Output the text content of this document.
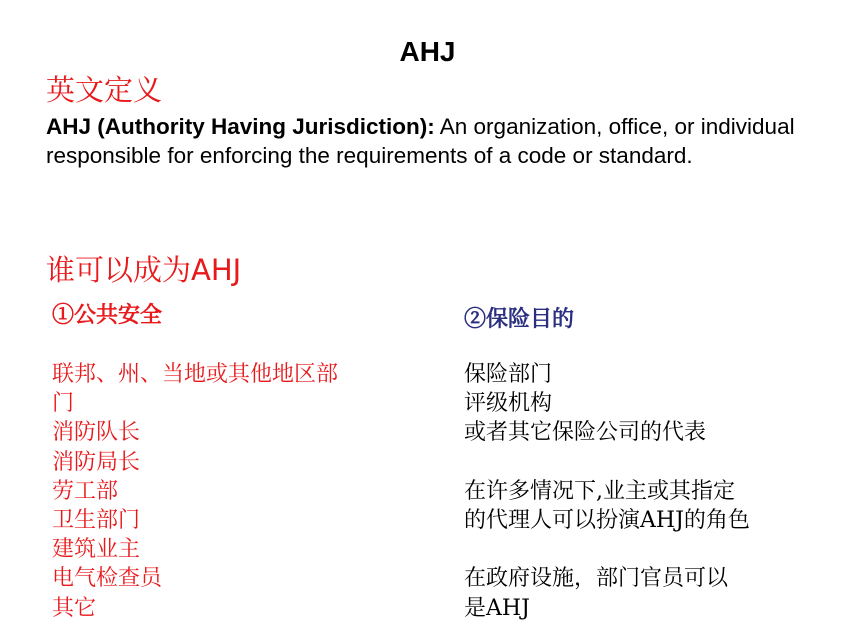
AHJ
英文定义
AHJ (Authority Having Jurisdiction): An organization, office, or individual responsible for enforcing the requirements of a code or standard.
谁可以成为AHJ
①公共安全	②保险目的
联邦、州、当地或其他地区部
门
消防队长
消防局长
劳工部
卫生部门
建筑业主
电气检查员
其它
保险部门
评级机构
或者其它保险公司的代表
在许多情况下,业主或其指定
的代理人可以扮演AHJ的角色
在政府设施，部门官员可以
是AHJ
